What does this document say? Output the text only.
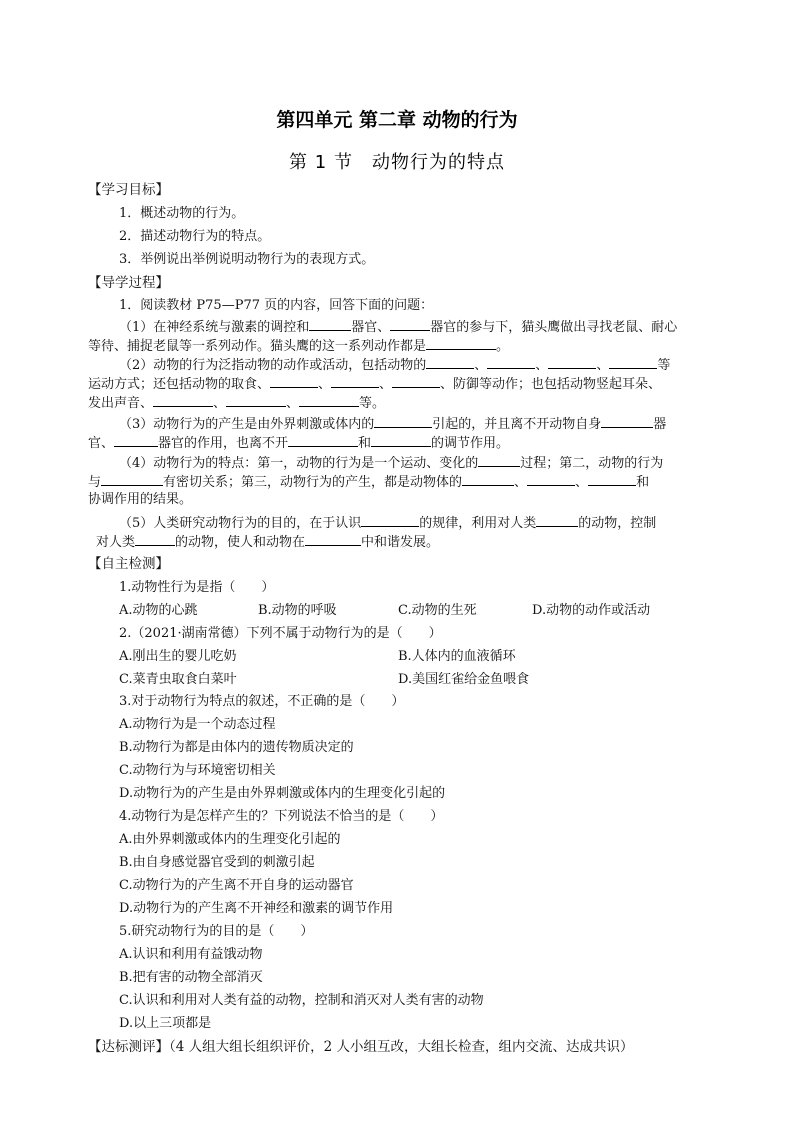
第四单元 第二章 动物的行为
第 1 节　动物行为的特点
【学习目标】
1．概述动物的行为。
2．描述动物行为的特点。
3．举例说出举例说明动物行为的表现方式。
【导学过程】
1．阅读教材 P75—P77 页的内容，回答下面的问题：
（1）在神经系统与激素的调控和	器官、	器官的参与下，猫头鹰做出寻找老鼠、耐心
等待、捕捉老鼠等一系列动作。猫头鹰的这一系列动作都是	。
（2）动物的行为泛指动物的动作或活动，包括动物的	、	、	、	等
运动方式；还包括动物的取食、	、	、	、防御等动作；也包括动物竖起耳朵、
发出声音、	、	、	等。
（3）动物行为的产生是由外界刺激或体内的	引起的，并且离不开动物自身	器
官、	器官的作用，也离不开	和	的调节作用。
（4）动物行为的特点：第一，动物的行为是一个运动、变化的	过程；第二，动物的行为
与	有密切关系；第三，动物行为的产生，都是动物体的	、	、	和
协调作用的结果。
（5）人类研究动物行为的目的，在于认识	的规律，利用对人类	的动物，控制
对人类	的动物，使人和动物在	中和谐发展。
【自主检测】
1.动物性行为是指（　　）
A.动物的心跳	B.动物的呼吸	C.动物的生死	D.动物的动作或活动
2.（2021·湖南常德）下列不属于动物行为的是（　　）
A.刚出生的婴儿吃奶	B.人体内的血液循环
C.菜青虫取食白菜叶	D.美国红雀给金鱼喂食
3.对于动物行为特点的叙述，不正确的是（　　）
A.动物行为是一个动态过程
B.动物行为都是由体内的遗传物质决定的
C.动物行为与环境密切相关
D.动物行为的产生是由外界刺激或体内的生理变化引起的
4.动物行为是怎样产生的？下列说法不恰当的是（　　）
A.由外界刺激或体内的生理变化引起的
B.由自身感觉器官受到的刺激引起
C.动物行为的产生离不开自身的运动器官
D.动物行为的产生离不开神经和激素的调节作用
5.研究动物行为的目的是（　　）
A.认识和利用有益饿动物
B.把有害的动物全部消灭
C.认识和利用对人类有益的动物，控制和消灭对人类有害的动物
D.以上三项都是
【达标测评】（4 人组大组长组织评价，2 人小组互改，大组长检查，组内交流、达成共识）
